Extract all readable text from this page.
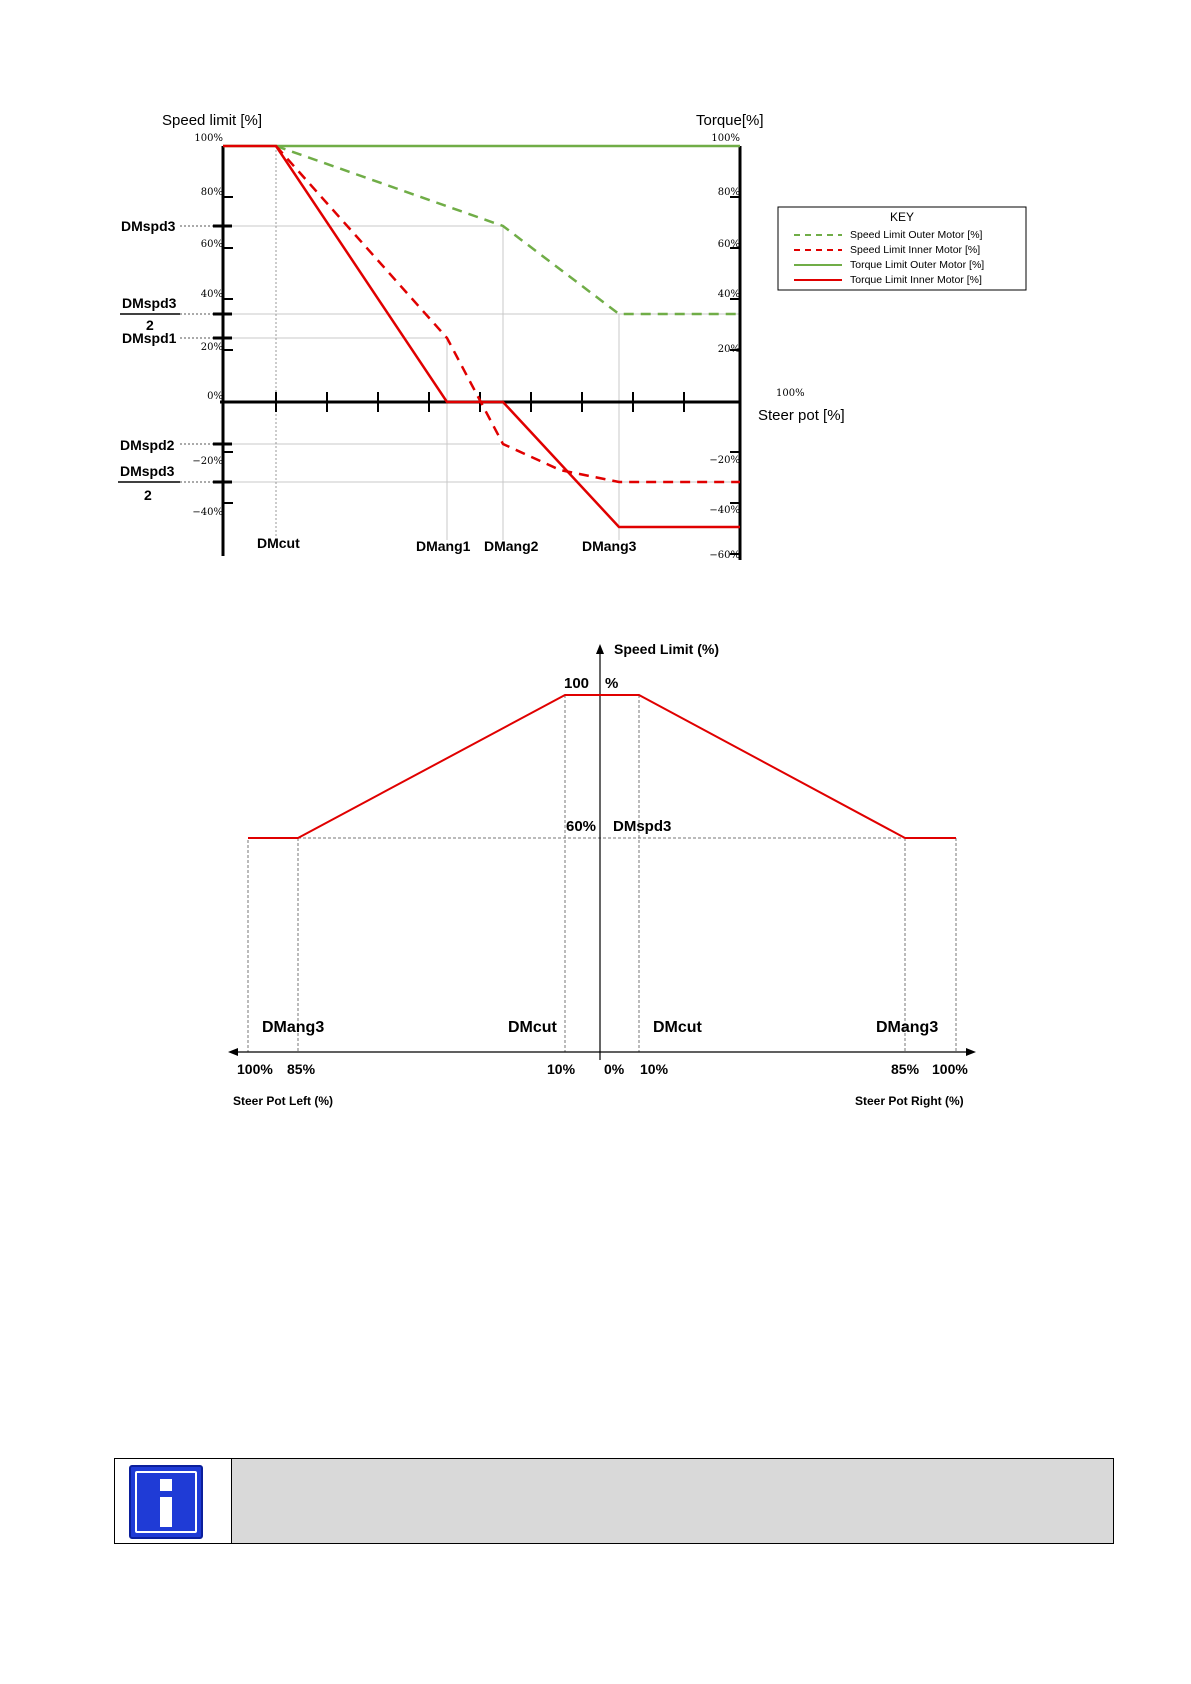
Speed limit [%]	Torque[%]
Steer pot [%]
100%
100%
80%
60%
40%
20%
0%
−20%
−40%
100%
80%
60%
40%
20%
−20%
−40%
−60%
DMspd3
DMspd3
2
DMspd1
DMspd2
DMspd3
2
DMcut	DMang1 DMang2	DMang3
KEY
Speed Limit Outer Motor [%]
Speed Limit Inner Motor [%]
Torque Limit Outer Motor [%]
Torque Limit Inner Motor [%]
Speed Limit (%)
100 %
60% DMspd3
DMang3	DMcut	DMcut	DMang3
100% 85%	10% 0% 10%	85% 100%
Steer Pot Left (%)	Steer Pot Right (%)
